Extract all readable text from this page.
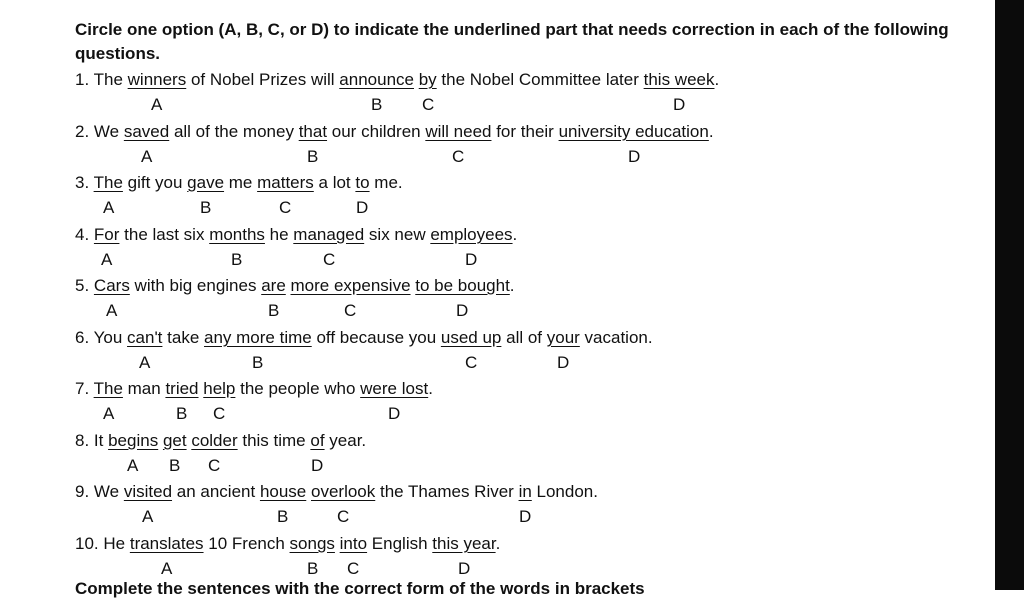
Circle one option (A, B, C, or D) to indicate the underlined part that needs correction in each of the following questions.
1. The winners of Nobel Prizes will announce by the Nobel Committee later this week.
A	B C	D
2. We saved all of the money that our children will need for their university education.
A	B	C	D
3. The gift you gave me matters a lot to me.
A	B	C	D
4. For the last six months he managed six new employees.
A	B	C	D
5. Cars with big engines are more expensive to be bought.
A	B	C	D
6. You can't take any more time off because you used up all of your vacation.
A	B	C	D
7. The man tried help the people who were lost.
A	B C	D
8. It begins get colder this time of year.
A B C	D
9. We visited an ancient house overlook the Thames River in London.
A	B	C	D
10. He translates 10 French songs into English this year.
A	B C	D
Complete the sentences with the correct form of the words in brackets
